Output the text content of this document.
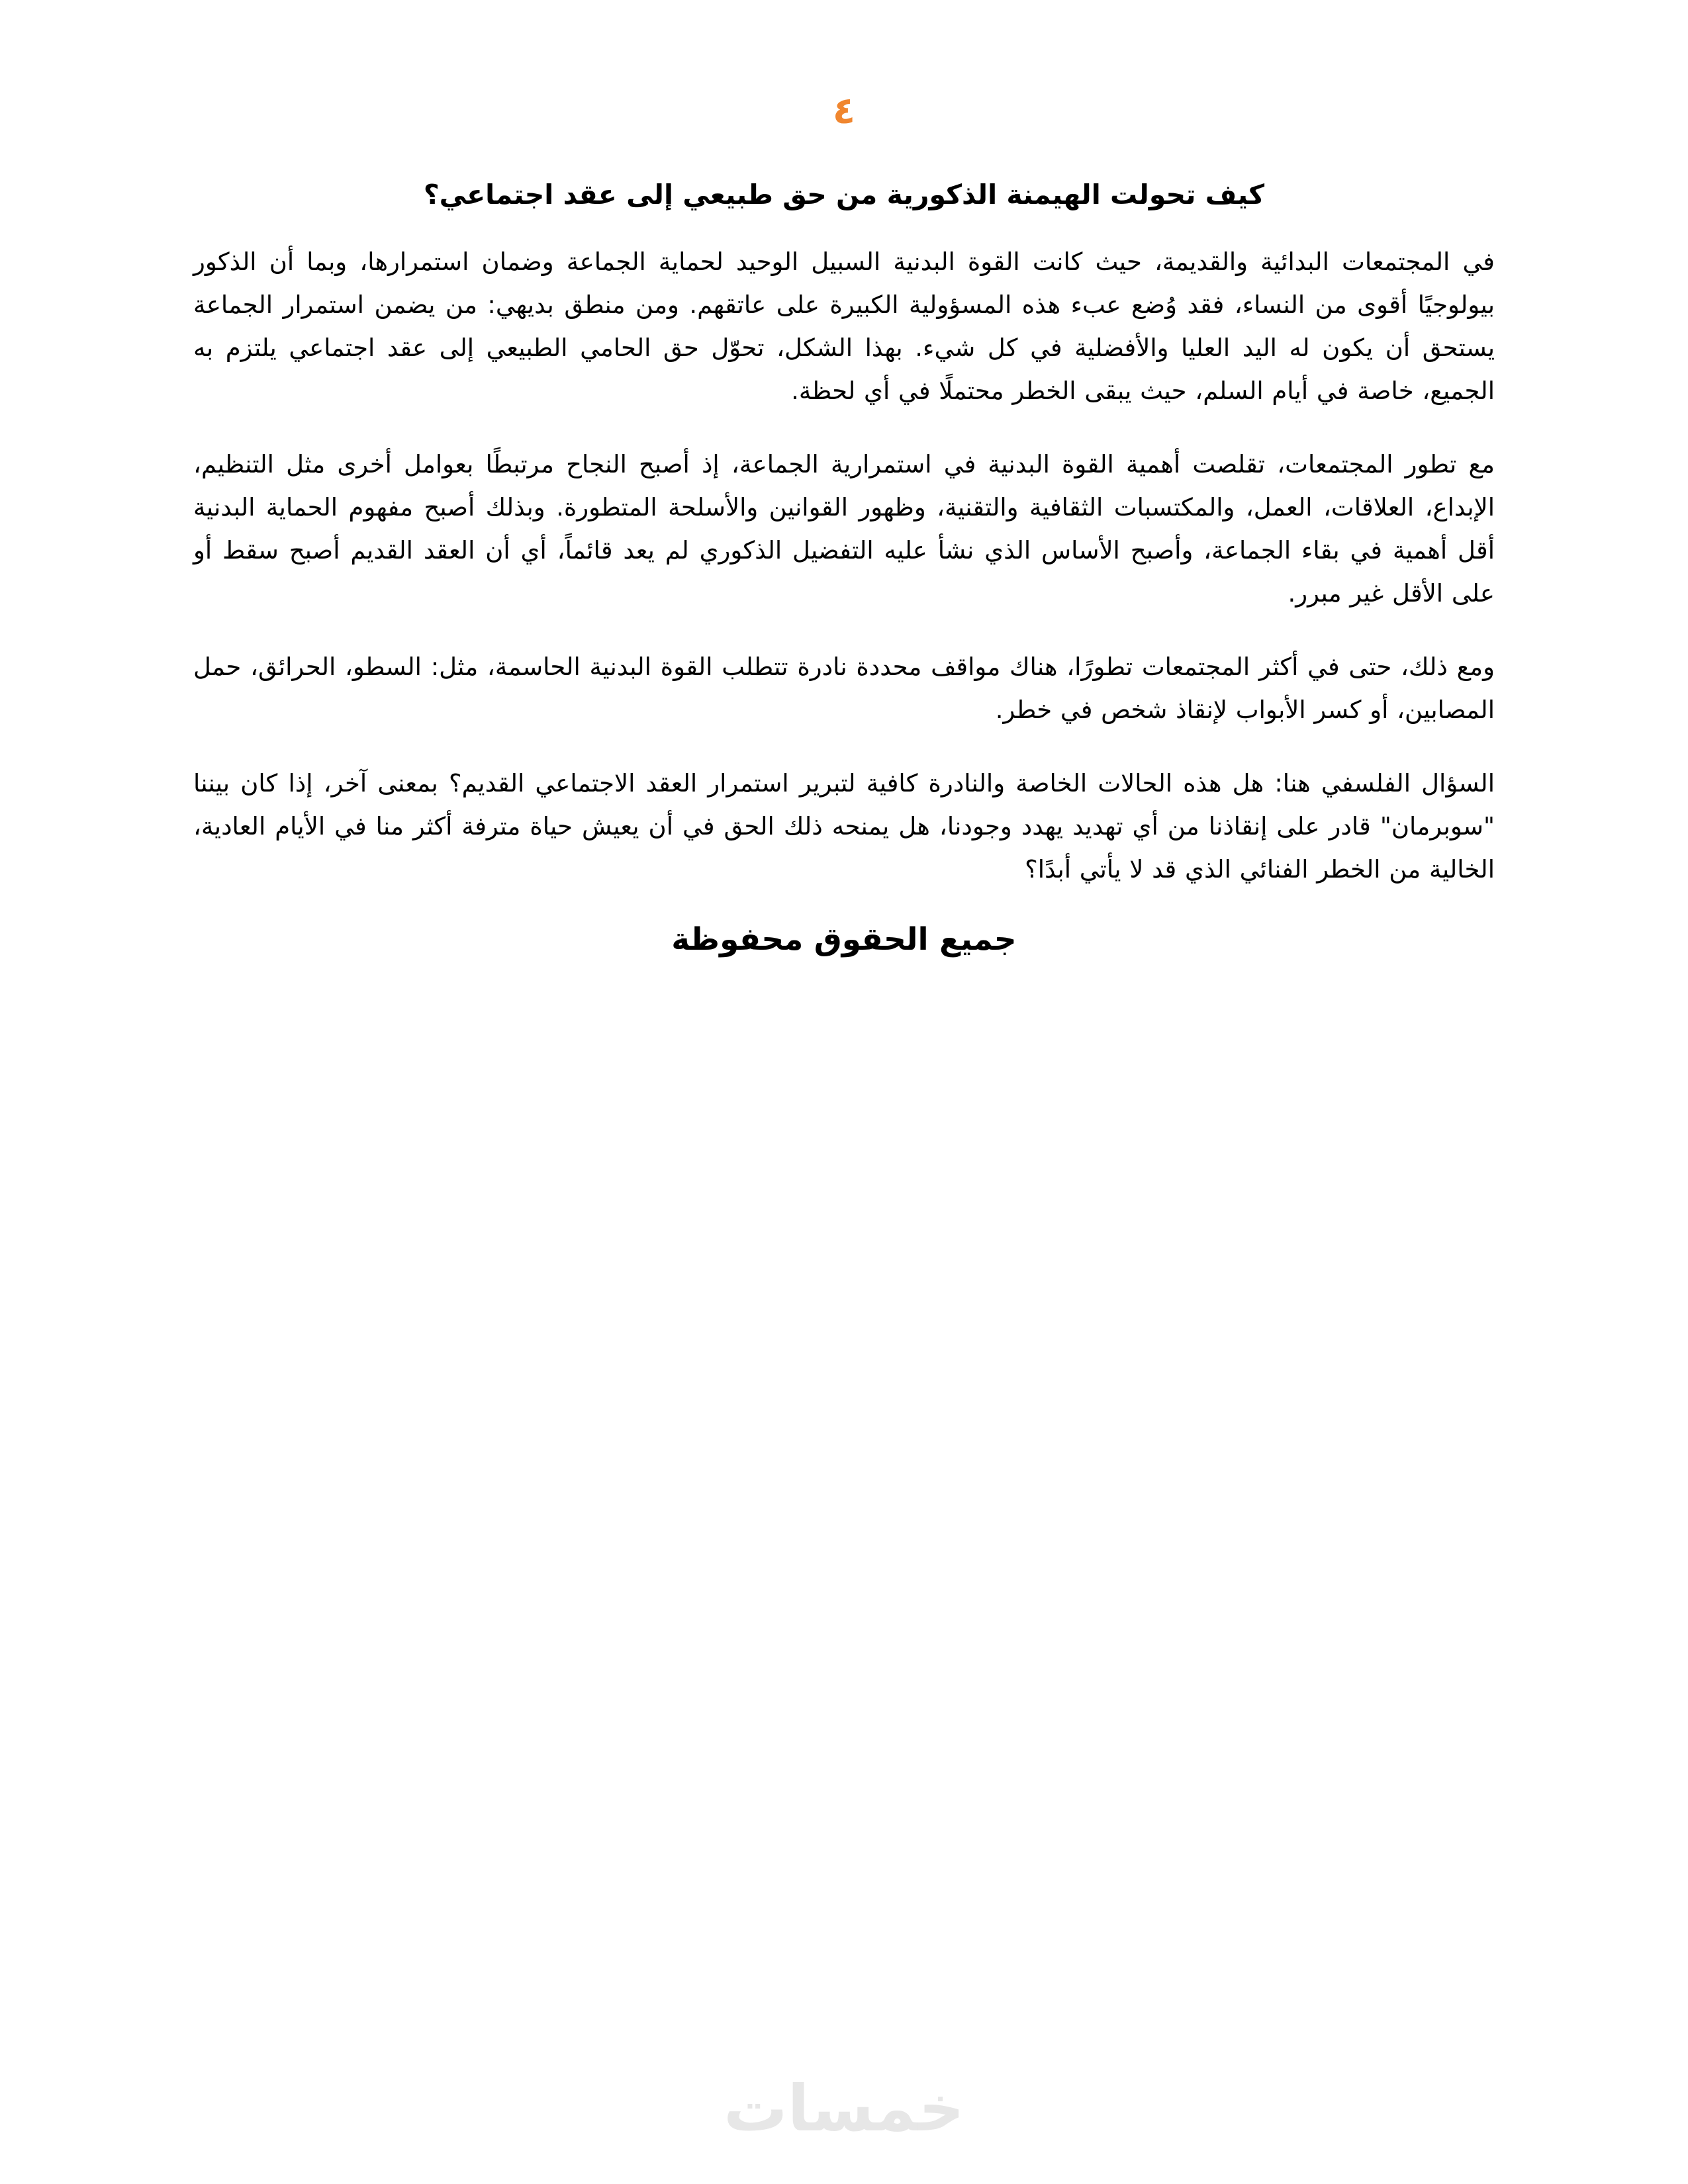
٤
كيف تحولت الهيمنة الذكورية من حق طبيعي إلى عقد اجتماعي؟

في المجتمعات البدائية والقديمة، حيث كانت القوة البدنية السبيل الوحيد لحماية الجماعة وضمان استمرارها، وبما أن الذكور بيولوجيًا أقوى من النساء، فقد وُضع عبء هذه المسؤولية الكبيرة على عاتقهم. ومن منطق بديهي: من يضمن استمرار الجماعة يستحق أن يكون له اليد العليا والأفضلية في كل شيء. بهذا الشكل، تحوّل حق الحامي الطبيعي إلى عقد اجتماعي يلتزم به الجميع، خاصة في أيام السلم، حيث يبقى الخطر محتملًا في أي لحظة.

مع تطور المجتمعات، تقلصت أهمية القوة البدنية في استمرارية الجماعة، إذ أصبح النجاح مرتبطًا بعوامل أخرى مثل التنظيم، الإبداع، العلاقات، العمل، والمكتسبات الثقافية والتقنية، وظهور القوانين والأسلحة المتطورة. وبذلك أصبح مفهوم الحماية البدنية أقل أهمية في بقاء الجماعة، وأصبح الأساس الذي نشأ عليه التفضيل الذكوري لم يعد قائماً، أي أن العقد القديم أصبح سقط أو على الأقل غير مبرر.

ومع ذلك، حتى في أكثر المجتمعات تطورًا، هناك مواقف محددة نادرة تتطلب القوة البدنية الحاسمة، مثل: السطو، الحرائق، حمل المصابين، أو كسر الأبواب لإنقاذ شخص في خطر.

السؤال الفلسفي هنا: هل هذه الحالات الخاصة والنادرة كافية لتبرير استمرار العقد الاجتماعي القديم؟ بمعنى آخر، إذا كان بيننا "سوبرمان" قادر على إنقاذنا من أي تهديد يهدد وجودنا، هل يمنحه ذلك الحق في أن يعيش حياة مترفة أكثر منا في الأيام العادية، الخالية من الخطر الفنائي الذي قد لا يأتي أبدًا؟

جميع الحقوق محفوظة
خمسات
